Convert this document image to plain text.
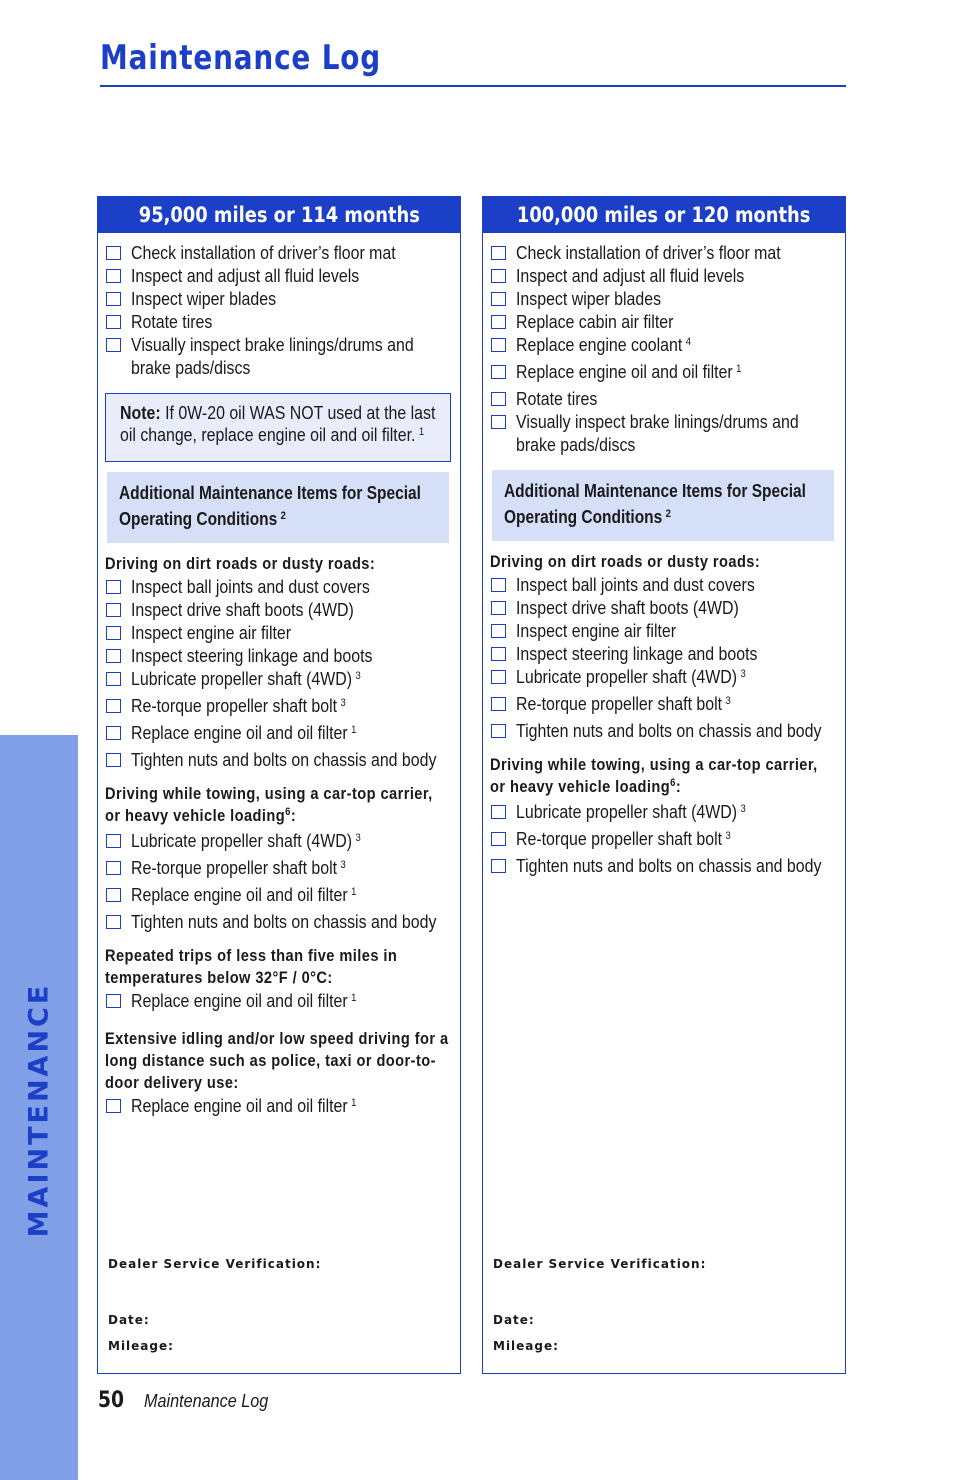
Maintenance Log
MAINTENANCE
95,000 miles or 114 months
Check installation of driver’s floor mat
Inspect and adjust all fluid levels
Inspect wiper blades
Rotate tires
Visually inspect brake linings/drums and brake pads/discs
Note: If 0W-20 oil WAS NOT used at the last oil change, replace engine oil and oil filter. $^1$
Additional Maintenance Items for Special Operating Conditions $^2$
Driving on dirt roads or dusty roads:
Inspect ball joints and dust covers
Inspect drive shaft boots (4WD)
Inspect engine air filter
Inspect steering linkage and boots
Lubricate propeller shaft (4WD) $^3$
Re-torque propeller shaft bolt $^3$
Replace engine oil and oil filter $^1$
Tighten nuts and bolts on chassis and body
Driving while towing, using a car-top carrier, or heavy vehicle loading$^6$:
Lubricate propeller shaft (4WD) $^3$
Re-torque propeller shaft bolt $^3$
Replace engine oil and oil filter $^1$
Tighten nuts and bolts on chassis and body
Repeated trips of less than five miles in temperatures below 32°F / 0°C:
Replace engine oil and oil filter $^1$
Extensive idling and/or low speed driving for a long distance such as police, taxi or door-to-door delivery use:
Replace engine oil and oil filter $^1$
Dealer Service Verification:
Date:
Mileage:
100,000 miles or 120 months
Check installation of driver’s floor mat
Inspect and adjust all fluid levels
Inspect wiper blades
Replace cabin air filter
Replace engine coolant $^4$
Replace engine oil and oil filter $^1$
Rotate tires
Visually inspect brake linings/drums and brake pads/discs
Additional Maintenance Items for Special Operating Conditions $^2$
Driving on dirt roads or dusty roads:
Inspect ball joints and dust covers
Inspect drive shaft boots (4WD)
Inspect engine air filter
Inspect steering linkage and boots
Lubricate propeller shaft (4WD) $^3$
Re-torque propeller shaft bolt $^3$
Tighten nuts and bolts on chassis and body
Driving while towing, using a car-top carrier, or heavy vehicle loading$^6$:
Lubricate propeller shaft (4WD) $^3$
Re-torque propeller shaft bolt $^3$
Tighten nuts and bolts on chassis and body
Dealer Service Verification:
Date:
Mileage:
50 Maintenance Log
